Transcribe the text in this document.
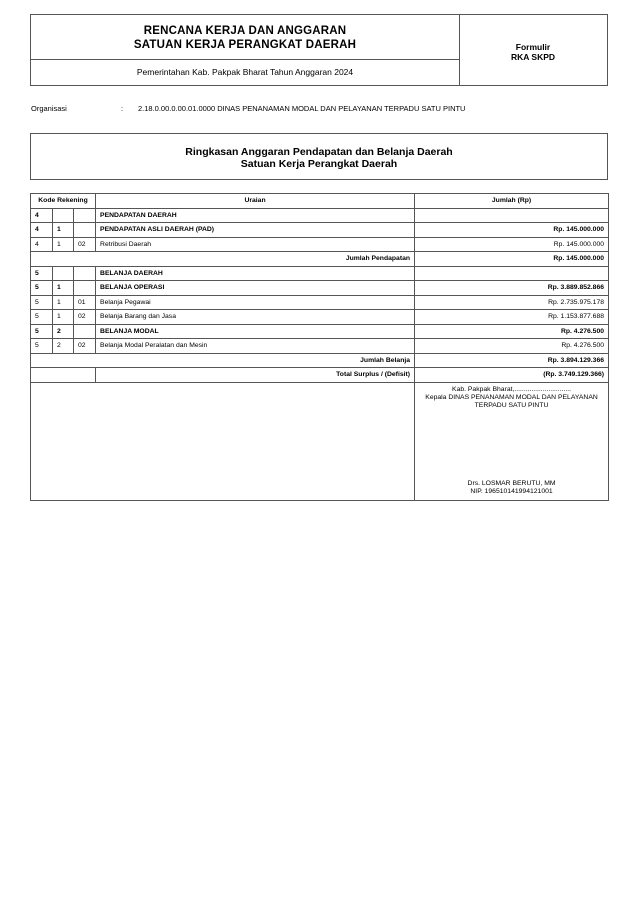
RENCANA KERJA DAN ANGGARAN
SATUAN KERJA PERANGKAT DAERAH
Pemerintahan Kab. Pakpak Bharat Tahun Anggaran 2024
Formulir
RKA SKPD
Organisasi	: 2.18.0.00.0.00.01.0000 DINAS PENANAMAN MODAL DAN PELAYANAN TERPADU SATU PINTU
Ringkasan Anggaran Pendapatan dan Belanja Daerah
Satuan Kerja Perangkat Daerah
Kode Rekening			Uraian	Jumlah (Rp)
4			PENDAPATAN DAERAH	
4	1		PENDAPATAN ASLI DAERAH (PAD)	Rp. 145.000.000
4	1	02	Retribusi Daerah	Rp. 145.000.000
Jumlah Pendapatan				Rp. 145.000.000
5			BELANJA DAERAH	
5	1		BELANJA OPERASI	Rp. 3.889.852.866
5	1	01	Belanja Pegawai	Rp. 2.735.975.178
5	1	02	Belanja Barang dan Jasa	Rp. 1.153.877.688
5	2		BELANJA MODAL	Rp. 4.276.500
5	2	02	Belanja Modal Peralatan dan Mesin	Rp. 4.276.500
Jumlah Belanja				Rp. 3.894.129.366
			Total Surplus / (Defisit)	(Rp. 3.749.129.366)

				Kab. Pakpak Bharat,..............................
Kepala DINAS PENANAMAN MODAL DAN PELAYANAN
TERPADU SATU PINTU
Drs. LOSMAR BERUTU, MM
NIP. 196510141994121001
